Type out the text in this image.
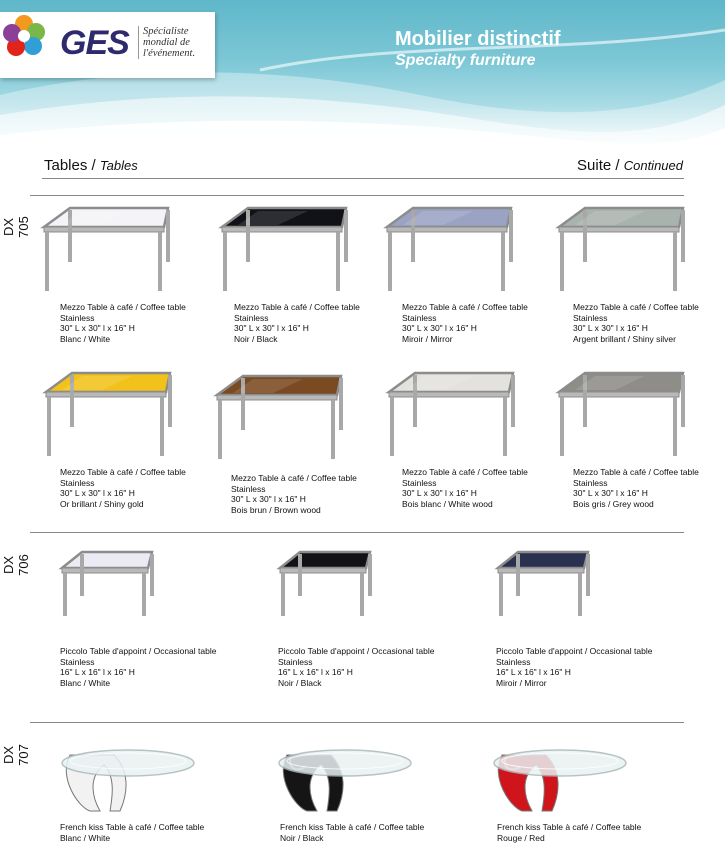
GES Spécialiste
mondial de
l'événement.
Mobilier distinctif
Specialty furniture
Tables / Tables	Suite / Continued
DX 705
DX 706
DX 707
Mezzo Table à café / Coffee table
Stainless
30" L x 30" l x 16" H
Blanc / White
Mezzo Table à café / Coffee table
Stainless
30" L x 30" l x 16" H
Noir / Black
Mezzo Table à café / Coffee table
Stainless
30" L x 30" l x 16" H
Miroir / Mirror
Mezzo Table à café / Coffee table
Stainless
30" L x 30" l x 16" H
Argent brillant / Shiny silver
Mezzo Table à café / Coffee table
Stainless
30" L x 30" l x 16" H
Or brillant / Shiny gold
Mezzo Table à café / Coffee table
Stainless
30" L x 30" l x 16" H
Bois brun / Brown wood
Mezzo Table à café / Coffee table
Stainless
30" L x 30" l x 16" H
Bois blanc / White wood
Mezzo Table à café / Coffee table
Stainless
30" L x 30" l x 16" H
Bois gris / Grey wood
Piccolo Table d'appoint / Occasional table
Stainless
16" L x 16" l x 16" H
Blanc / White
Piccolo Table d'appoint / Occasional table
Stainless
16" L x 16" l x 16" H
Noir / Black
Piccolo Table d'appoint / Occasional table
Stainless
16" L x 16" l x 16" H
Miroir / Mirror
French kiss Table à café / Coffee table
Blanc / White
French kiss Table à café / Coffee table
Noir / Black
French kiss Table à café / Coffee table
Rouge / Red
